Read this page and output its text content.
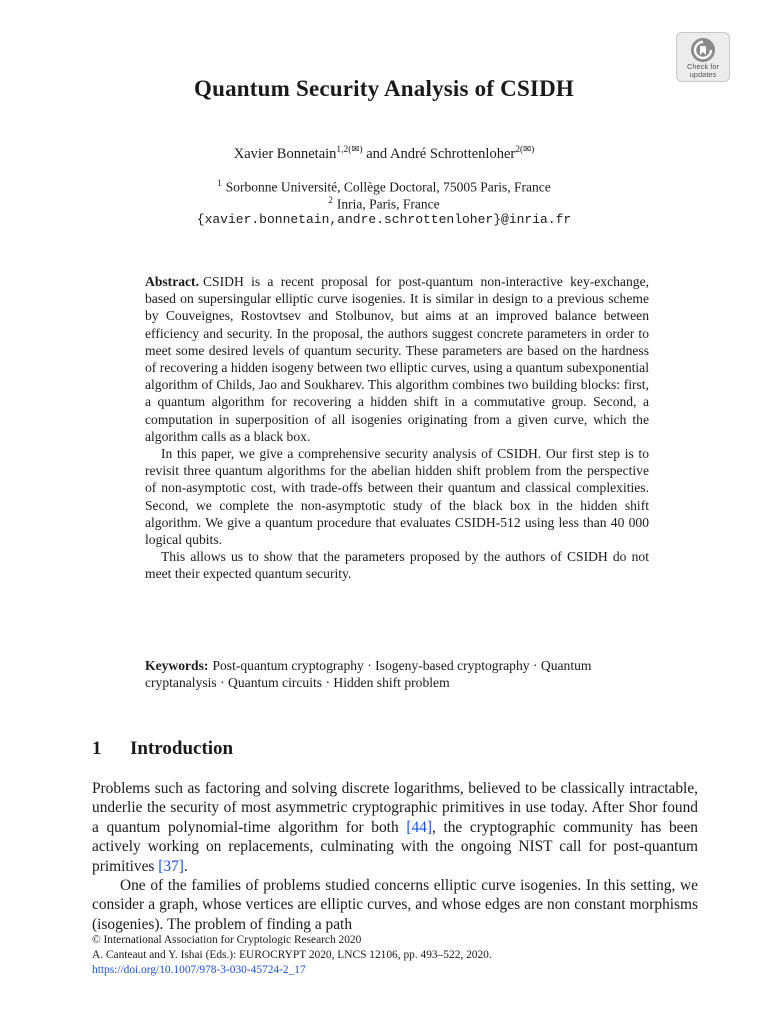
Check for
updates
Quantum Security Analysis of CSIDH
Xavier Bonnetain$^{1,2(✉)}$ and André Schrottenloher$^{2(✉)}$
$^1$ Sorbonne Université, Collège Doctoral, 75005 Paris, France
$^2$ Inria, Paris, France
{xavier.bonnetain,andre.schrottenloher}@inria.fr

Abstract. CSIDH is a recent proposal for post-quantum non-interactive key-exchange, based on supersingular elliptic curve isogenies. It is similar in design to a previous scheme by Couveignes, Rostovtsev and Stolbunov, but aims at an improved balance between efficiency and security. In the proposal, the authors suggest concrete parameters in order to meet some desired levels of quantum security. These parameters are based on the hardness of recovering a hidden isogeny between two elliptic curves, using a quantum subexponential algorithm of Childs, Jao and Soukharev. This algorithm combines two building blocks: first, a quantum algorithm for recovering a hidden shift in a commutative group. Second, a computation in superposition of all isogenies originating from a given curve, which the algorithm calls as a black box.

In this paper, we give a comprehensive security analysis of CSIDH. Our first step is to revisit three quantum algorithms for the abelian hidden shift problem from the perspective of non-asymptotic cost, with trade-offs between their quantum and classical complexities. Second, we complete the non-asymptotic study of the black box in the hidden shift algorithm. We give a quantum procedure that evaluates CSIDH-512 using less than 40 000 logical qubits.

This allows us to show that the parameters proposed by the authors of CSIDH do not meet their expected quantum security.

Keywords: Post-quantum cryptography · Isogeny-based cryptography · Quantum cryptanalysis · Quantum circuits · Hidden shift problem
1 Introduction

Problems such as factoring and solving discrete logarithms, believed to be classically intractable, underlie the security of most asymmetric cryptographic primitives in use today. After Shor found a quantum polynomial-time algorithm for both [44], the cryptographic community has been actively working on replacements, culminating with the ongoing NIST call for post-quantum primitives [37].

One of the families of problems studied concerns elliptic curve isogenies. In this setting, we consider a graph, whose vertices are elliptic curves, and whose edges are non constant morphisms (isogenies). The problem of finding a path

© International Association for Cryptologic Research 2020
A. Canteaut and Y. Ishai (Eds.): EUROCRYPT 2020, LNCS 12106, pp. 493–522, 2020.
https://doi.org/10.1007/978-3-030-45724-2_17
